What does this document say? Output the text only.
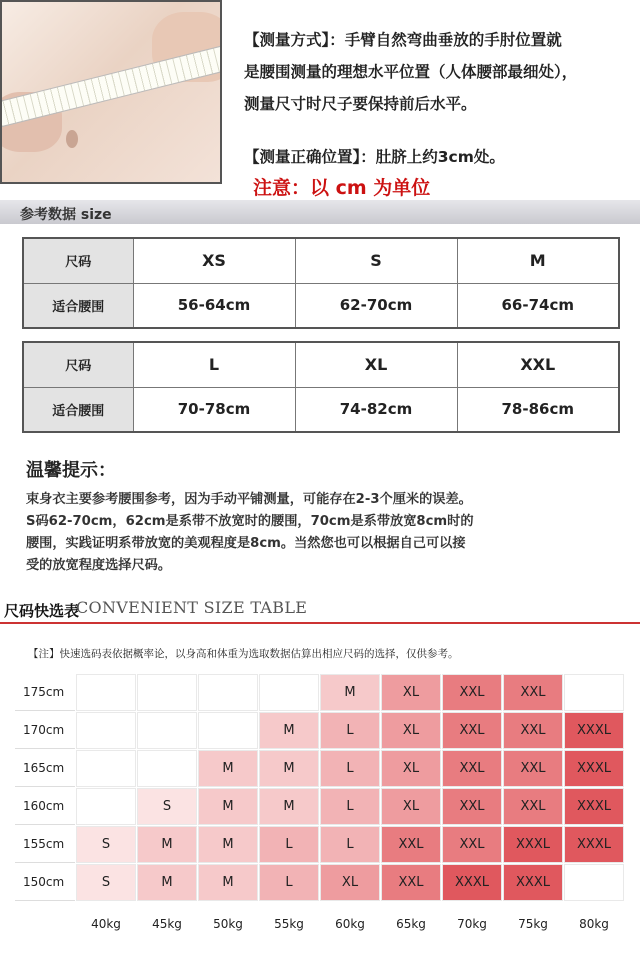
【测量方式】：手臂自然弯曲垂放的手肘位置就
是腰围测量的理想水平位置（人体腰部最细处），
测量尺寸时尺子要保持前后水平。
【测量正确位置】：肚脐上约3cm处。
注意：以 cm 为单位
参考数据 size
尺码	XS	S	M
适合腰围	56-64cm	62-70cm	66-74cm
尺码	L	XL	XXL
适合腰围	70-78cm	74-82cm	78-86cm
温馨提示：
束身衣主要参考腰围参考，因为手动平铺测量，可能存在2-3个厘米的误差。
S码62-70cm，62cm是系带不放宽时的腰围，70cm是系带放宽8cm时的
腰围，实践证明系带放宽的美观程度是8cm。当然您也可以根据自己可以接
受的放宽程度选择尺码。
尺码快选表
CONVENIENT SIZE TABLE
【注】快速选码表依据概率论，以身高和体重为选取数据估算出相应尺码的选择，仅供参考。
175cm					M	XL	XXL	XXL	
170cm				M	L	XL	XXL	XXL	XXXL
165cm			M	M	L	XL	XXL	XXL	XXXL
160cm		S	M	M	L	XL	XXL	XXL	XXXL
155cm	S	M	M	L	L	XXL	XXL	XXXL	XXXL
150cm	S	M	M	L	XL	XXL	XXXL	XXXL	
	40kg	45kg	50kg	55kg	60kg	65kg	70kg	75kg	80kg
